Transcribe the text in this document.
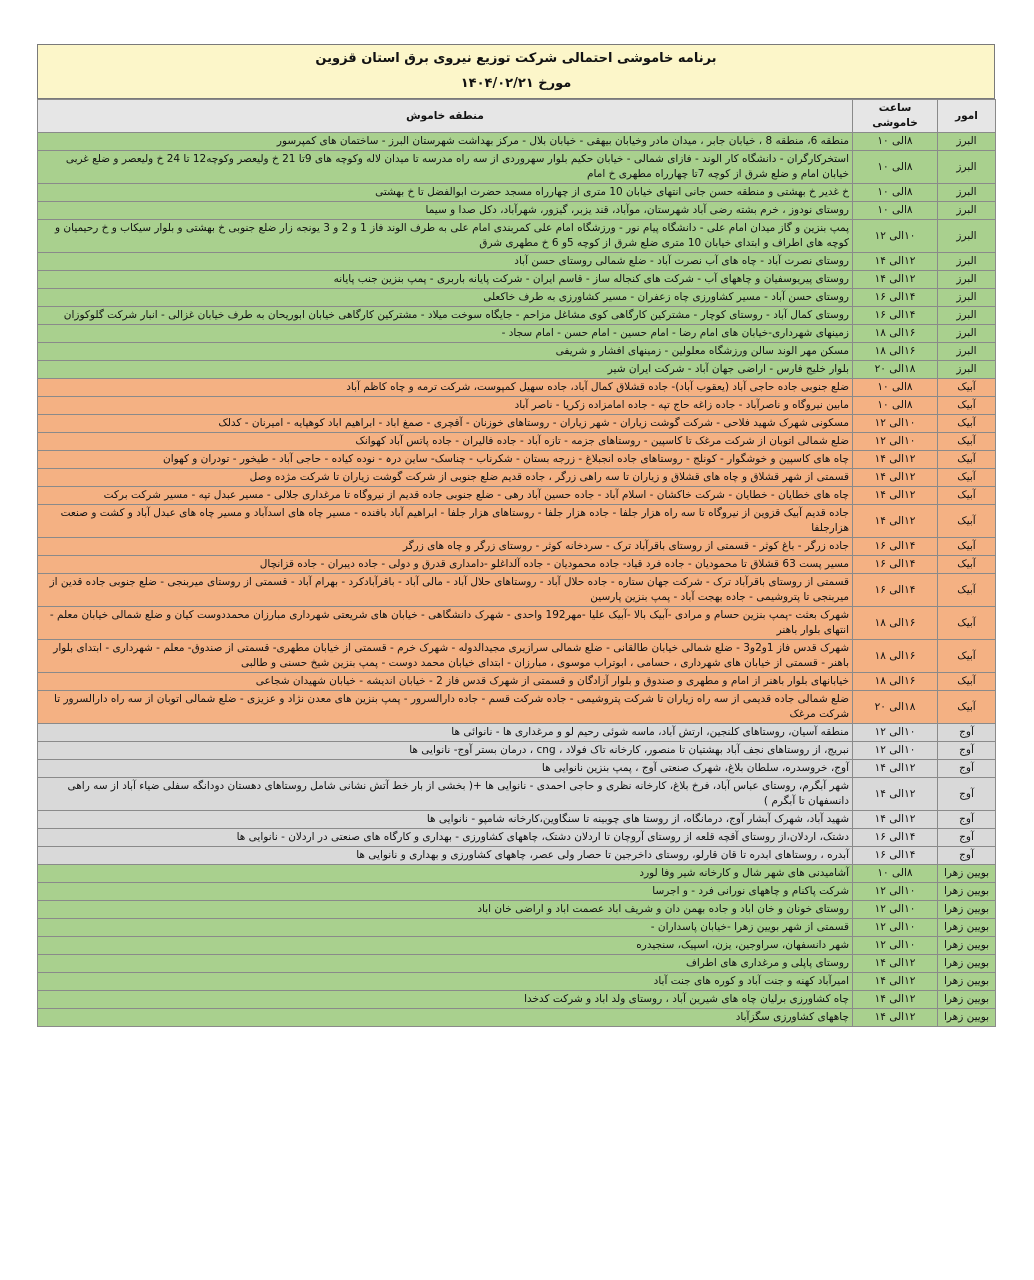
برنامه خاموشی احتمالی شرکت توزیع نیروی برق استان قزوین
مورخ ۱۴۰۴/۰۲/۲۱
امور	ساعت خاموشی	منطقه خاموش
البرز	۸الی ۱۰	منطقه 6، منطقه 8 ، خیابان جابر ، میدان مادر وخیابان بیهقی - خیابان بلال - مرکز بهداشت شهرستان البرز - ساختمان های کمپرسور
البرز	۸الی ۱۰	استخرکارگران - دانشگاه کار الوند - فازای شمالی - خیابان حکیم بلوار سهروردی از سه راه مدرسه تا میدان لاله وکوچه های 9تا 21 خ ولیعصر وکوچه12 تا 24 خ ولیعصر و ضلع غربی خیابان امام و ضلع شرق از کوچه 7تا چهارراه مطهری خ امام
البرز	۸الی ۱۰	خ غدیر خ بهشتی و منطقه حسن جانی انتهای خیابان 10 متری از چهارراه مسجد حضرت ابوالفضل تا خ بهشتی
البرز	۸الی ۱۰	روستای نودوز ، خرم بشته رضی آباد شهرستان، موآباد، قند یزبر، گیزور، شهرآباد، دکل صدا و سیما
البرز	۱۰الی ۱۲	پمپ بنزین و گاز میدان امام علی - دانشگاه پیام نور - ورزشگاه امام علی کمربندی امام علی به طرف الوند فاز 1 و 2 و 3 یونجه زار ضلع جنوبی خ بهشتی و بلوار سیکاب و خ رحیمیان و کوچه های اطراف و ابتدای خیابان 10 متری ضلع شرق از کوچه 5و 6 خ مطهری شرق
البرز	۱۲الی ۱۴	روستای نصرت آباد - چاه های آب نصرت آباد - ضلع شمالی روستای حسن آباد
البرز	۱۲الی ۱۴	روستای پیریوسفیان و چاههای آب - شرکت های کنجاله ساز - قاسم ایران - شرکت پایانه باربری - پمپ بنزین جنب پایانه
البرز	۱۴الی ۱۶	روستای حسن آباد - مسیر کشاورزی چاه زعفران - مسیر کشاورزی به طرف خاکعلی
البرز	۱۴الی ۱۶	روستای کمال آباد - روستای کوچار - مشترکین کارگاهی کوی مشاغل مزاحم - جایگاه سوخت میلاد - مشترکین کارگاهی خیابان ابوریحان به طرف خیابان غزالی - انبار شرکت گلوکوزان
البرز	۱۶الی ۱۸	زمینهای شهرداری-خیابان های امام رضا - امام حسین - امام حسن - امام سجاد -
البرز	۱۶الی ۱۸	مسکن مهر الوند سالن ورزشگاه معلولین - زمینهای افشار و شریفی
البرز	۱۸الی ۲۰	بلوار خلیج فارس - اراضی جهان آباد - شرکت ایران شیر
آبیک	۸الی ۱۰	ضلع جنوبی جاده حاجی آباد (یعقوب آباد)- جاده قشلاق کمال آباد، جاده سهیل کمپوست، شرکت ترمه و چاه کاظم آباد
آبیک	۸الی ۱۰	مابین نیروگاه و ناصرآباد - جاده زاغه حاج تپه - جاده امامزاده زکریا - ناصر آباد
آبیک	۱۰الی ۱۲	مسکونی شهرک شهید فلاحی - شرکت گوشت زیاران - شهر زیاران - روستاهای خوزنان - آقچری - صمغ اباد - ابراهیم اباد کوهپایه - امیرنان - کدلک
آبیک	۱۰الی ۱۲	ضلع شمالی اتوبان از شرکت مرغک تا کاسپین - روستاهای جزمه - تازه آباد - جاده فالیران - جاده پاتس آباد کهوانک
آبیک	۱۲الی ۱۴	چاه های کاسپین و خوشگوار - کونلج - روستاهای جاده انجبلاغ - زرجه بستان - شکرناب - چناسک- ساین درہ - نوده کیاده - حاجی آباد - طیخور - تودران و کهوان
آبیک	۱۲الی ۱۴	قسمتی از شهر قشلاق و چاه های قشلاق و زیاران تا سه راهی زرگر ، جاده قدیم ضلع جنوبی از شرکت گوشت زیاران تا شرکت مژده وصل
آبیک	۱۲الی ۱۴	چاه های خطایان - خطایان - شرکت خاکشان - اسلام آباد - جاده حسین آباد رهی - ضلع جنوبی جاده قدیم از نیروگاه تا مرغداری جلالی - مسیر عبدل تپه - مسیر شرکت برکت
آبیک	۱۲الی ۱۴	جاده قدیم آبیک قزوین از نیروگاه تا سه راه هزار جلفا - جاده هزار جلفا - روستاهای هزار جلفا - ابراهیم آباد بافنده - مسیر چاه های اسدآباد و مسیر چاه های عبدل آباد و کشت و صنعت هزارجلفا
آبیک	۱۴الی ۱۶	جاده زرگر - باغ کوثر - قسمتی از روستای باقرآباد ترک - سردخانه کوثر - روستای زرگر و چاه های زرگر
آبیک	۱۴الی ۱۶	مسیر پست 63 قشلاق تا محمودیان - جاده فرد قیاد- جاده محمودیان - جاده آلداغلو -دامداری قدرق و دولی - جاده دیبران - جاده قزانچال
آبیک	۱۴الی ۱۶	قسمتی از روستای باقرآباد ترک - شرکت جهان ستاره - جاده حلال آباد - روستاهای حلال آباد - مالی آباد - باقرآبادکرد - بهرام آباد - قسمتی از روستای میربنجی - ضلع جنوبی جاده قدین از میربنجی تا پتروشیمی - جاده بهجت آباد - پمپ بنزین پارسین
آبیک	۱۶الی ۱۸	شهرک بعثت -پمپ بنزین حسام و مرادی -آبیک بالا -آبیک علیا -مهر192 واحدی - شهرک دانشگاهی - خیابان های شریعتی شهرداری مبارزان محمددوست کیان و ضلع شمالی خیابان معلم - انتهای بلوار باهنر
آبیک	۱۶الی ۱۸	شهرک قدس فاز 1و2و3 - ضلع شمالی خیابان طالقانی - ضلع شمالی سرازیری مجیدالدوله - شهرک خرم - قسمتی از خیابان مطهری- قسمتی از صندوق- معلم - شهرداری - ابتدای بلوار باهنر - قسمتی از خیابان های شهرداری ، حسامی ، ابوتراب موسوی ، مبارزان - ابتدای خیابان محمد دوست - پمپ بنزین شیخ حسنی و طالبی
آبیک	۱۶الی ۱۸	خیابانهای بلوار باهنر از امام و مطهری و صندوق و بلوار آزادگان و قسمتی از شهرک قدس فاز 2 - خیابان اندیشه - خیابان شهیدان شجاعی
آبیک	۱۸الی ۲۰	ضلع شمالی جاده قدیمی از سه راه زیاران تا شرکت پتروشیمی - جاده شرکت قسم - جاده دارالسرور - پمپ بنزین های معدن نژاد و عزیزی - ضلع شمالی اتوبان از سه راه دارالسرور تا شرکت مرغک
آوج	۱۰الی ۱۲	منطقه آسیان، روستاهای کلنجین، ارتش آباد، ماسه شوئی رحیم لو و مرغداری ها - نانوائی ها
آوج	۱۰الی ۱۲	نبریج، از روستاهای نجف آباد بهشتیان تا منصور، کارخانه تاک فولاد ، cng ، درمان بستر آوج- نانوایی ها
آوج	۱۲الی ۱۴	آوج، خروسدره، سلطان بلاغ، شهرک صنعتی آوج ، پمپ بنزین نانوایی ها
آوج	۱۲الی ۱۴	شهر آبگرم، روستای عباس آباد، فرخ بلاغ، کارخانه نظری و حاجی احمدی - نانوایی ها +( بخشی از بار خط آتش نشانی شامل روستاهای دهستان دودانگه سفلی ضیاء آباد از سه راهی دانسفهان تا آبگرم )
آوج	۱۲الی ۱۴	شهید آباد، شهرک آبشار آوج، درمانگاه، از روستا های چوبینه تا سنگاوین،کارخانه شامپو - نانوایی ها
آوج	۱۴الی ۱۶	دشتک، اردلان،از روستای آقچه قلعه از روستای آروچان تا اردلان دشتک، چاههای کشاورزی - بهداری و کارگاه های صنعتی در اردلان - نانوایی ها
آوج	۱۴الی ۱۶	آبدره ، روستاهای ابدره تا قان قارلو، روستای داخرجین تا حصار ولی عصر، چاههای کشاورزی و بهداری و نانوایی ها
بویین زهرا	۸الی ۱۰	آشامیدنی های شهر شال و کارخانه شیر وفا لورد
بویین زهرا	۱۰الی ۱۲	شرکت پاکنام و چاههای نورانی فرد - و اجرسا
بویین زهرا	۱۰الی ۱۲	روستای خونان و خان اباد و جاده بهمن دان و شریف اباد عصمت اباد و اراضی خان اباد
بویین زهرا	۱۰الی ۱۲	قسمتی از شهر بویین زهرا -خیابان پاسداران -
بویین زهرا	۱۰الی ۱۲	شهر دانسفهان، سراوجین، یزن، اسپیک، سنجیدره
بویین زهرا	۱۲الی ۱۴	روستای پاپلی و مرغداری های اطراف
بویین زهرا	۱۲الی ۱۴	امیرآباد کهنه و جنت آباد و کوره های جنت آباد
بویین زهرا	۱۲الی ۱۴	چاه کشاورزی برلیان چاه های شیرین آباد ، روستای ولد اباد و شرکت کدخدا
بویین زهرا	۱۲الی ۱۴	چاههای کشاورزی سگزآباد
